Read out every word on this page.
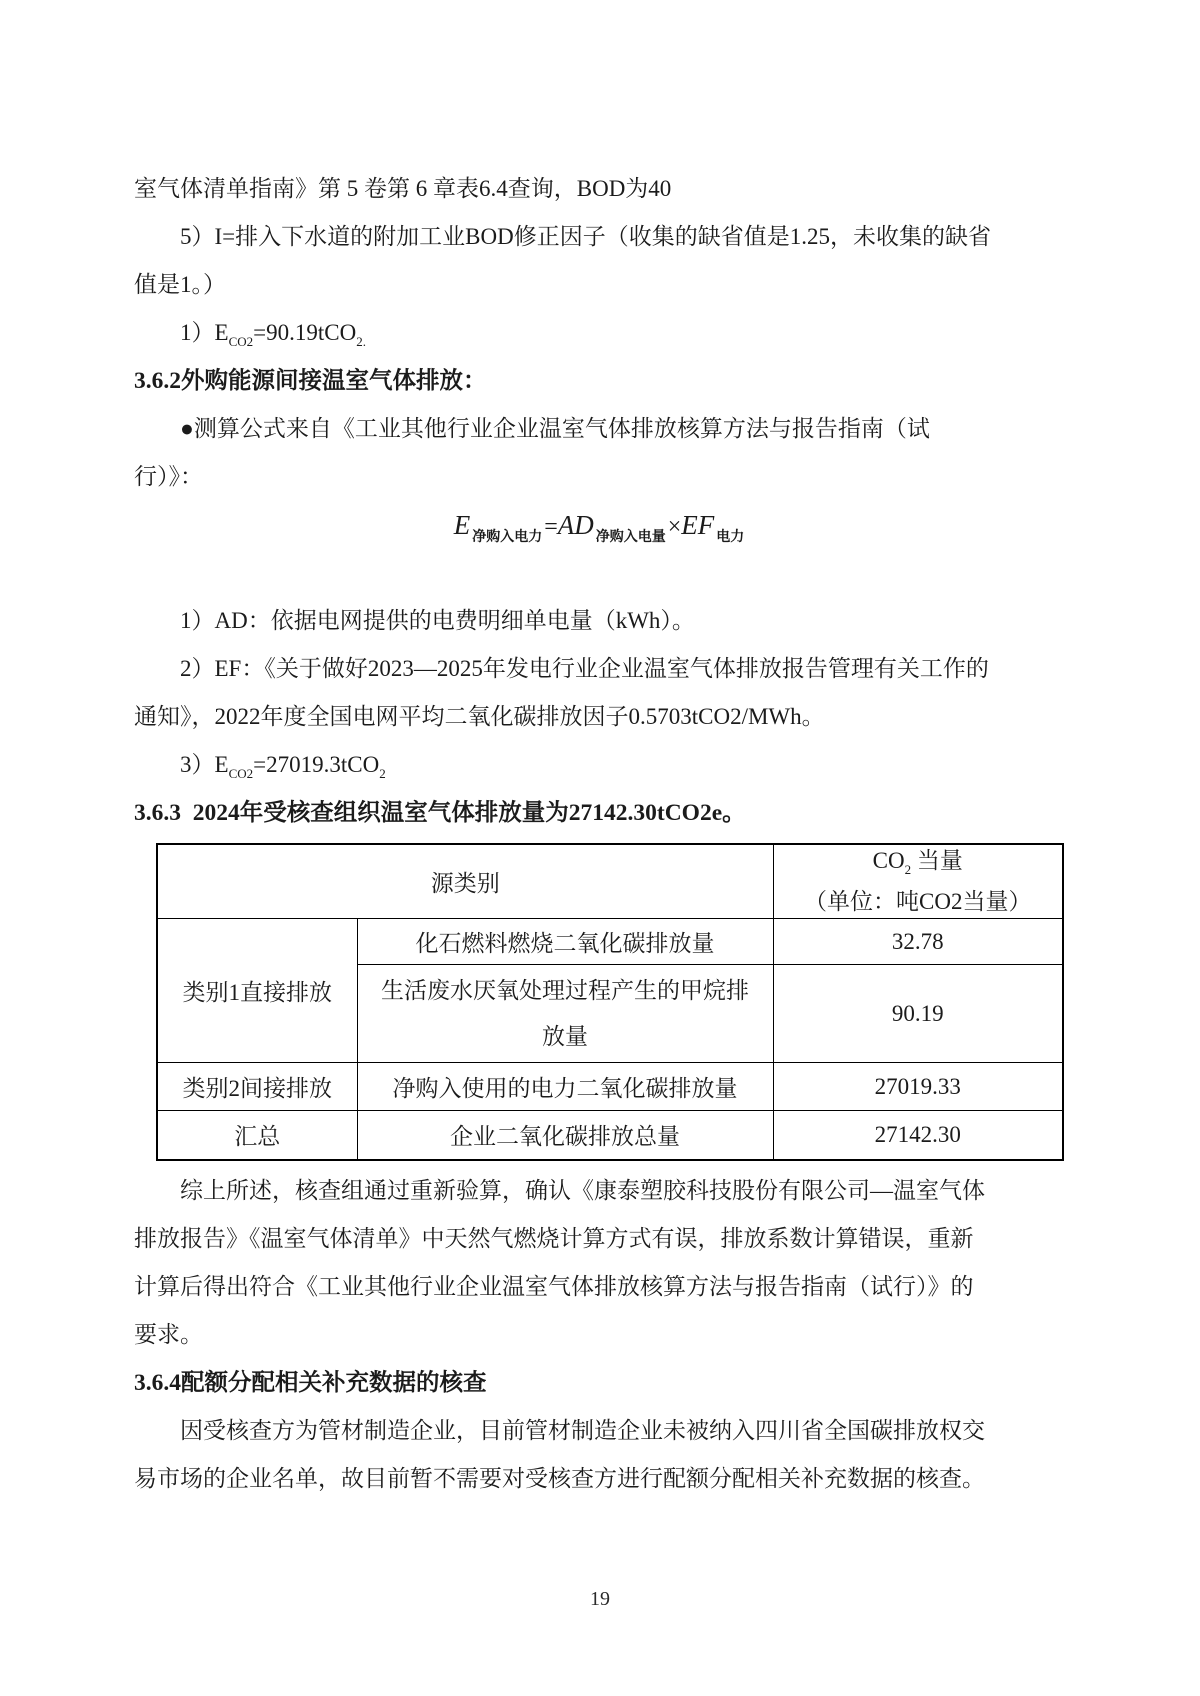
室气体清单指南》第 5 卷第 6 章表6.4查询，BOD为40
5）I=排入下水道的附加工业BOD修正因子（收集的缺省值是1.25，未收集的缺省
值是1。）
$1)E_{CO2}=90.19tCO_{2.}$
3.6.2外购能源间接温室气体排放：
●测算公式来自《工业其他行业企业温室气体排放核算方法与报告指南（试
行）》：
E $_{净购入电力}$=AD $_{净购入电量}$×EF $_{电力}$
1）AD：依据电网提供的电费明细单电量（kWh）。
2）EF：《关于做好2023—2025年发电行业企业温室气体排放报告管理有关工作的
通知》，2022年度全国电网平均二氧化碳排放因子0.5703tCO2/MWh。
$3)E_{CO2}=27019.3tCO_2$
3.6.3  2024年受核查组织温室气体排放量为27142.30tCO2e。
源类别		$CO_2$ 当量
（单位：吨CO2当量）

类别1直接排放	化石燃料燃烧二氧化碳排放量	32.78
	生活废水厌氧处理过程产生的甲烷排放量	90.19
类别2间接排放	净购入使用的电力二氧化碳排放量	27019.33
汇总	企业二氧化碳排放总量	27142.30
综上所述，核查组通过重新验算，确认《康泰塑胶科技股份有限公司—温室气体
排放报告》《温室气体清单》中天然气燃烧计算方式有误，排放系数计算错误，重新
计算后得出符合《工业其他行业企业温室气体排放核算方法与报告指南（试行）》的
要求。
3.6.4配额分配相关补充数据的核查
因受核查方为管材制造企业，目前管材制造企业未被纳入四川省全国碳排放权交
易市场的企业名单，故目前暂不需要对受核查方进行配额分配相关补充数据的核查。
19
